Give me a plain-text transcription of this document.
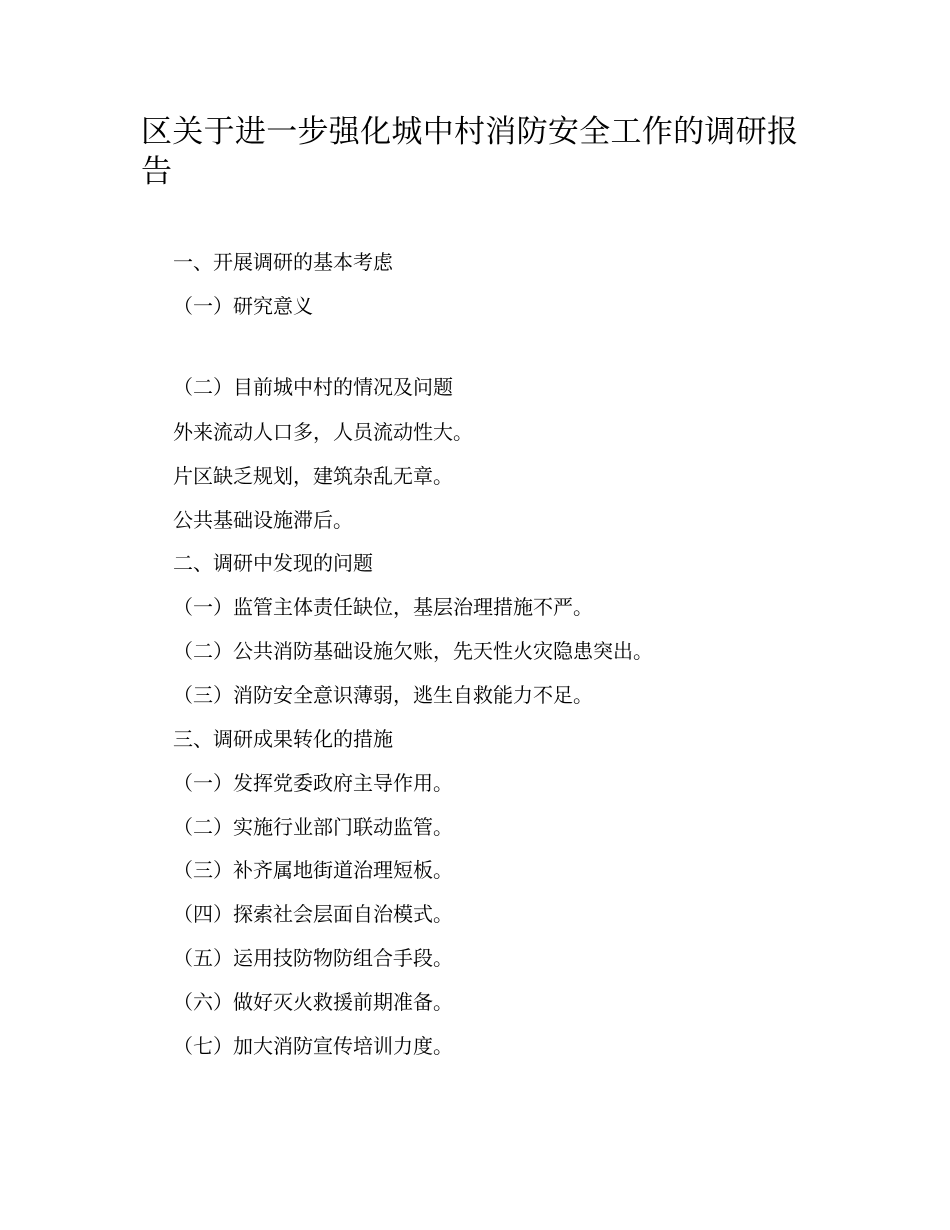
区关于进一步强化城中村消防安全工作的调研报告

一、开展调研的基本考虑

（一）研究意义

（二）目前城中村的情况及问题

外来流动人口多，人员流动性大。

片区缺乏规划，建筑杂乱无章。

公共基础设施滞后。

二、调研中发现的问题

（一）监管主体责任缺位，基层治理措施不严。

（二）公共消防基础设施欠账，先天性火灾隐患突出。

（三）消防安全意识薄弱，逃生自救能力不足。

三、调研成果转化的措施

（一）发挥党委政府主导作用。

（二）实施行业部门联动监管。

（三）补齐属地街道治理短板。

（四）探索社会层面自治模式。

（五）运用技防物防组合手段。

（六）做好灭火救援前期准备。

（七）加大消防宣传培训力度。
